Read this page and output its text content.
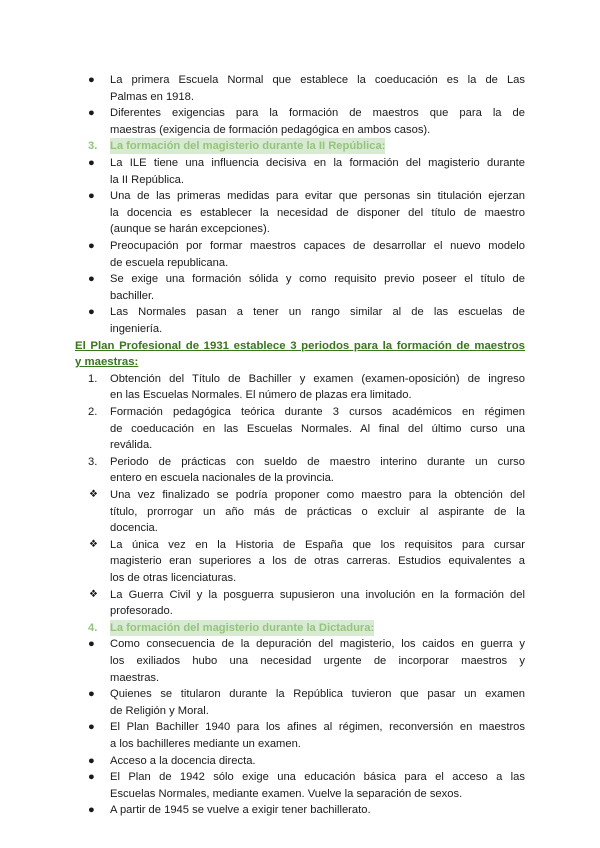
● La primera Escuela Normal que establece la coeducación es la de Las
Palmas en 1918.
● Diferentes exigencias para la formación de maestros que para la de
maestras (exigencia de formación pedagógica en ambos casos).
3. La formación del magisterio durante la II República:
● La ILE tiene una influencia decisiva en la formación del magisterio durante
la II República.
● Una de las primeras medidas para evitar que personas sin titulación ejerzan
la docencia es establecer la necesidad de disponer del título de maestro
(aunque se harán excepciones).
● Preocupación por formar maestros capaces de desarrollar el nuevo modelo
de escuela republicana.
● Se exige una formación sólida y como requisito previo poseer el título de
bachiller.
● Las Normales pasan a tener un rango similar al de las escuelas de
ingeniería.
El Plan Profesional de 1931 establece 3 periodos para la formación de maestros
y maestras:
1. Obtención del Título de Bachiller y examen (examen-oposición) de ingreso
en las Escuelas Normales. El número de plazas era limitado.
2. Formación pedagógica teórica durante 3 cursos académicos en régimen
de coeducación en las Escuelas Normales. Al final del último curso una
reválida.
3. Periodo de prácticas con sueldo de maestro interino durante un curso
entero en escuela nacionales de la provincia.
❖ Una vez finalizado se podría proponer como maestro para la obtención del
título, prorrogar un año más de prácticas o excluir al aspirante de la
docencia.
❖ La única vez en la Historia de España que los requisitos para cursar
magisterio eran superiores a los de otras carreras. Estudios equivalentes a
los de otras licenciaturas.
❖ La Guerra Civil y la posguerra supusieron una involución en la formación del
profesorado.
4. La formación del magisterio durante la Dictadura:
● Como consecuencia de la depuración del magisterio, los caidos en guerra y
los exiliados hubo una necesidad urgente de incorporar maestros y
maestras.
● Quienes se titularon durante la República tuvieron que pasar un examen
de Religión y Moral.
● El Plan Bachiller 1940 para los afines al régimen, reconversión en maestros
a los bachilleres mediante un examen.
● Acceso a la docencia directa.
● El Plan de 1942 sólo exige una educación básica para el acceso a las
Escuelas Normales, mediante examen. Vuelve la separación de sexos.
● A partir de 1945 se vuelve a exigir tener bachillerato.
